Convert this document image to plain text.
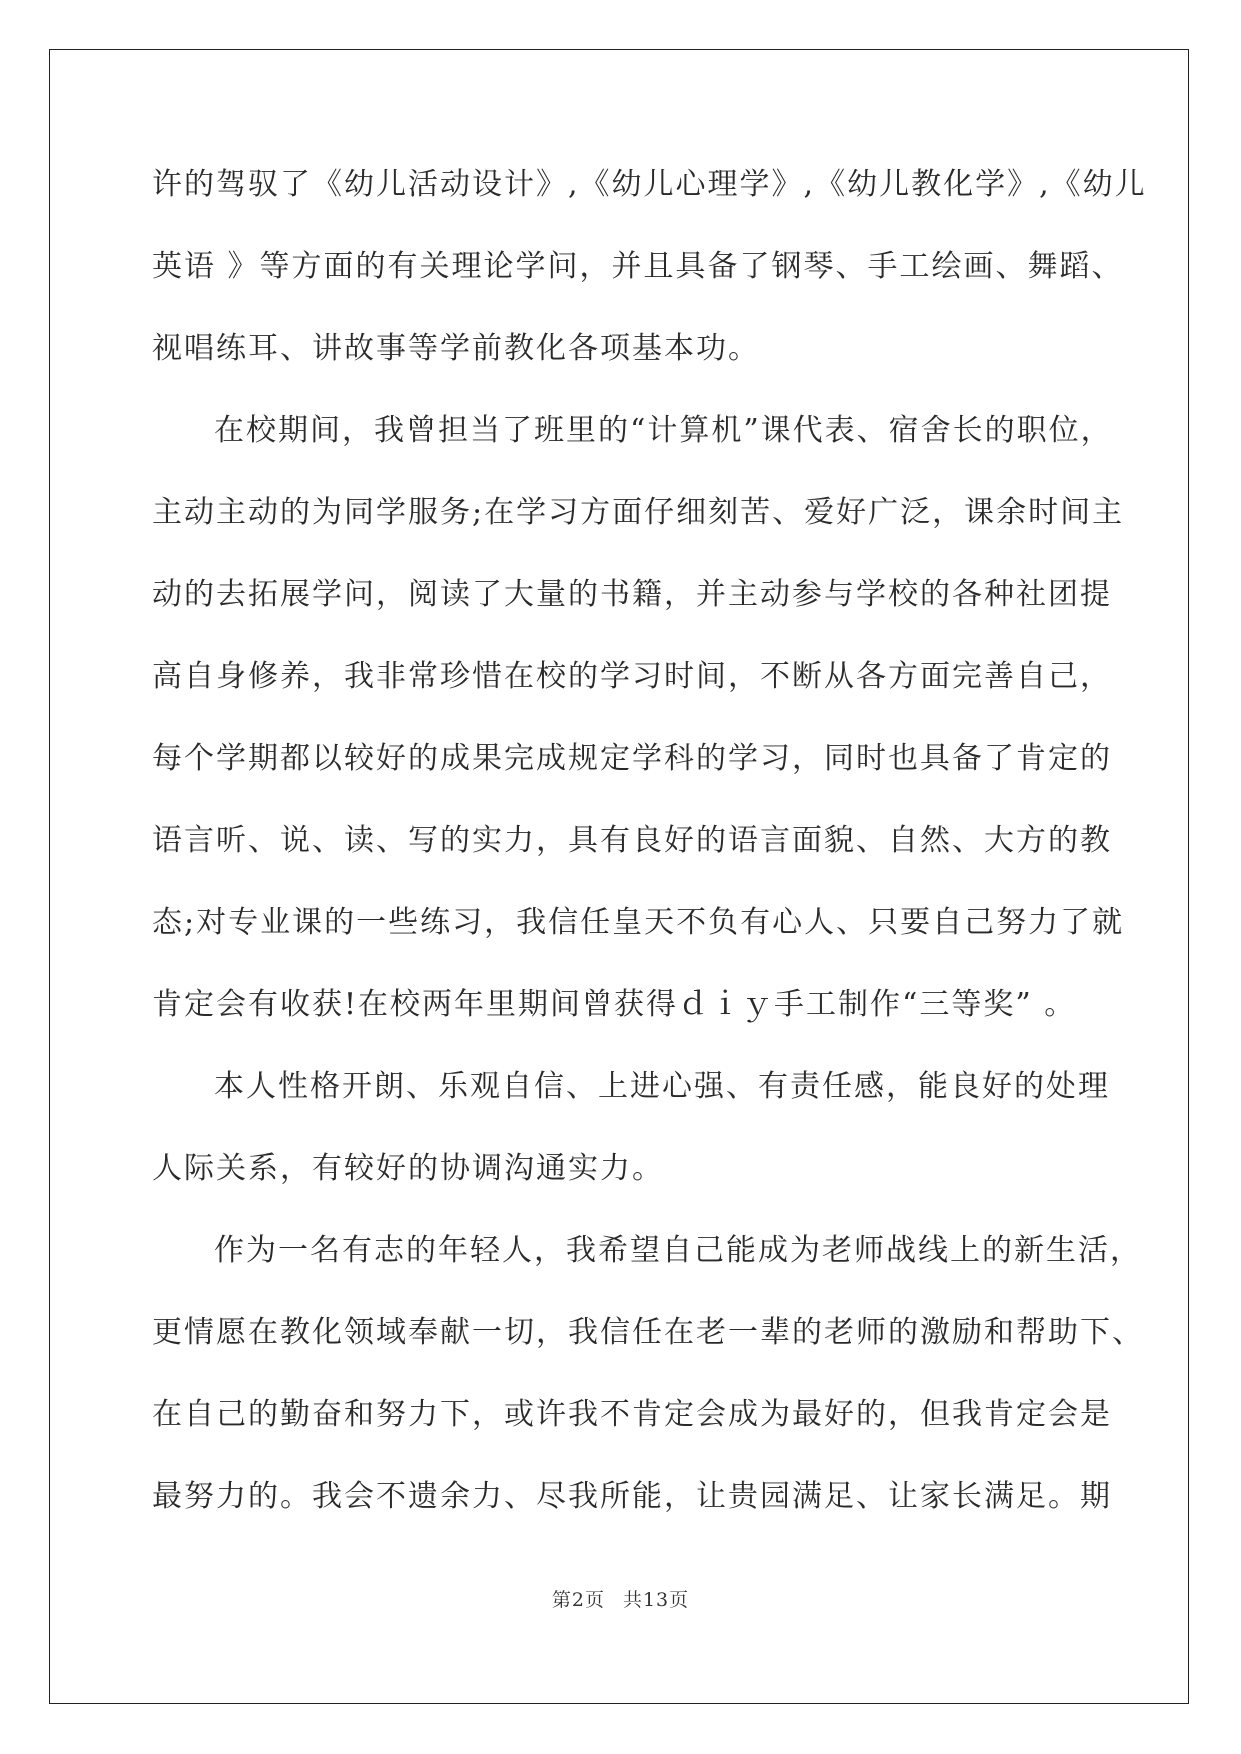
许的驾驭了《幼儿活动设计》,《幼儿心理学》,《幼儿教化学》,《幼儿
英语 》等方面的有关理论学问，并且具备了钢琴、手工绘画、舞蹈、
视唱练耳、讲故事等学前教化各项基本功。

在校期间，我曾担当了班里的“计算机”课代表、宿舍长的职位，
主动主动的为同学服务;在学习方面仔细刻苦、爱好广泛，课余时间主
动的去拓展学问，阅读了大量的书籍，并主动参与学校的各种社团提
高自身修养，我非常珍惜在校的学习时间，不断从各方面完善自己，
每个学期都以较好的成果完成规定学科的学习，同时也具备了肯定的
语言听、说、读、写的实力，具有良好的语言面貌、自然、大方的教
态;对专业课的一些练习，我信任皇天不负有心人、只要自己努力了就
肯定会有收获!在校两年里期间曾获得ｄｉｙ手工制作“三等奖” 。

本人性格开朗、乐观自信、上进心强、有责任感，能良好的处理
人际关系，有较好的协调沟通实力。

作为一名有志的年轻人，我希望自己能成为老师战线上的新生活，
更情愿在教化领域奉献一切，我信任在老一辈的老师的激励和帮助下、
在自己的勤奋和努力下，或许我不肯定会成为最好的，但我肯定会是
最努力的。我会不遗余力、尽我所能，让贵园满足、让家长满足。期

第2页 共13页
